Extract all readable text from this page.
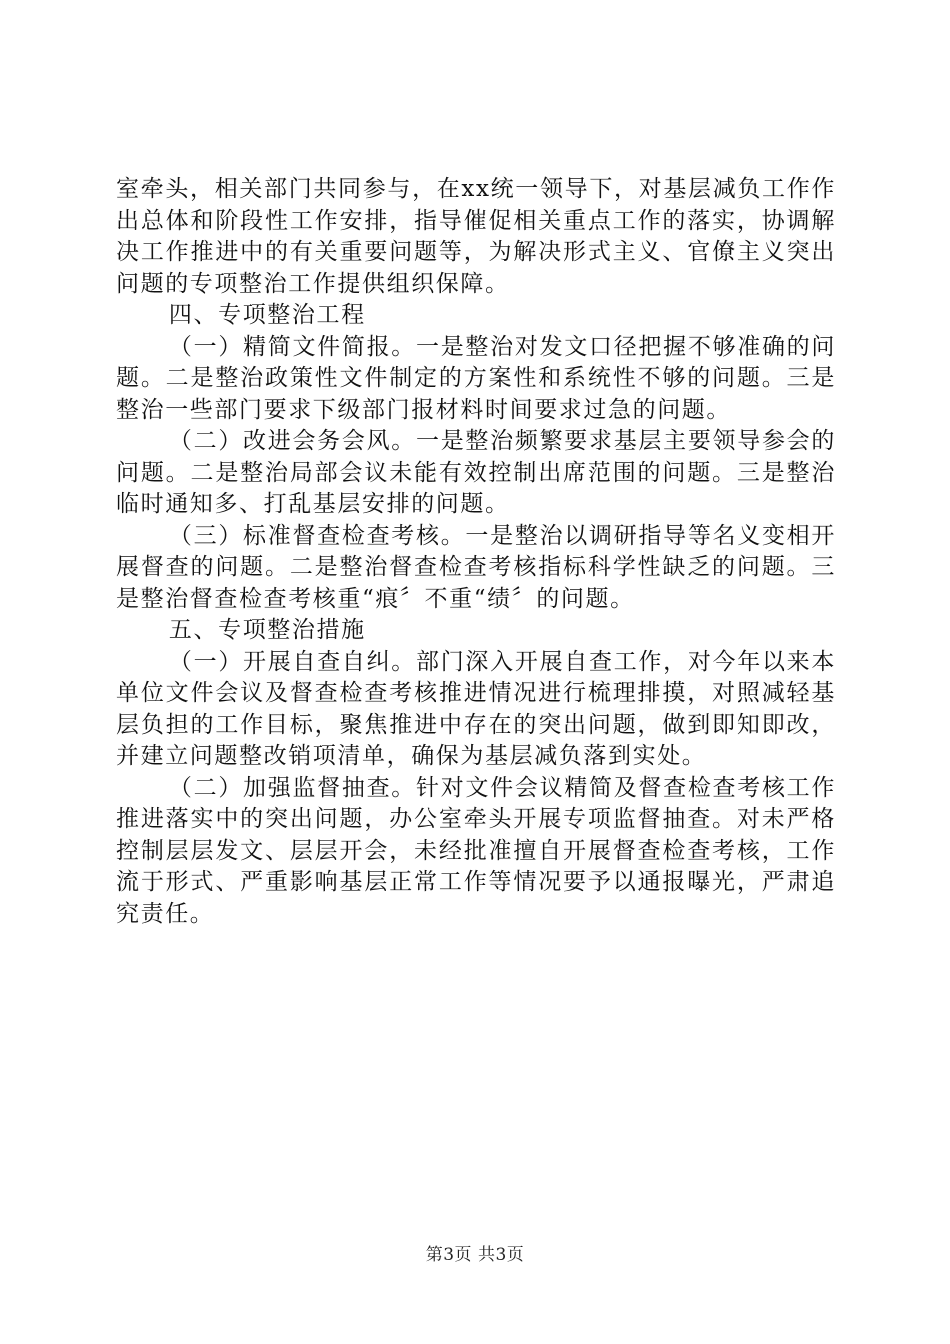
室牵头，相关部门共同参与，在xx统一领导下，对基层减负工作作出总体和阶段性工作安排，指导催促相关重点工作的落实，协调解决工作推进中的有关重要问题等，为解决形式主义、官僚主义突出问题的专项整治工作提供组织保障。

四、专项整治工程

（一）精简文件简报。一是整治对发文口径把握不够准确的问题。二是整治政策性文件制定的方案性和系统性不够的问题。三是整治一些部门要求下级部门报材料时间要求过急的问题。

（二）改进会务会风。一是整治频繁要求基层主要领导参会的问题。二是整治局部会议未能有效控制出席范围的问题。三是整治临时通知多、打乱基层安排的问题。

（三）标准督查检查考核。一是整治以调研指导等名义变相开展督查的问题。二是整治督查检查考核指标科学性缺乏的问题。三是整治督查检查考核重“痕〞不重“绩〞的问题。

五、专项整治措施

（一）开展自查自纠。部门深入开展自查工作，对今年以来本单位文件会议及督查检查考核推进情况进行梳理排摸，对照减轻基层负担的工作目标，聚焦推进中存在的突出问题，做到即知即改，并建立问题整改销项清单，确保为基层减负落到实处。

（二）加强监督抽查。针对文件会议精简及督查检查考核工作推进落实中的突出问题，办公室牵头开展专项监督抽查。对未严格控制层层发文、层层开会，未经批准擅自开展督查检查考核，工作流于形式、严重影响基层正常工作等情况要予以通报曝光，严肃追究责任。

第3页 共3页
